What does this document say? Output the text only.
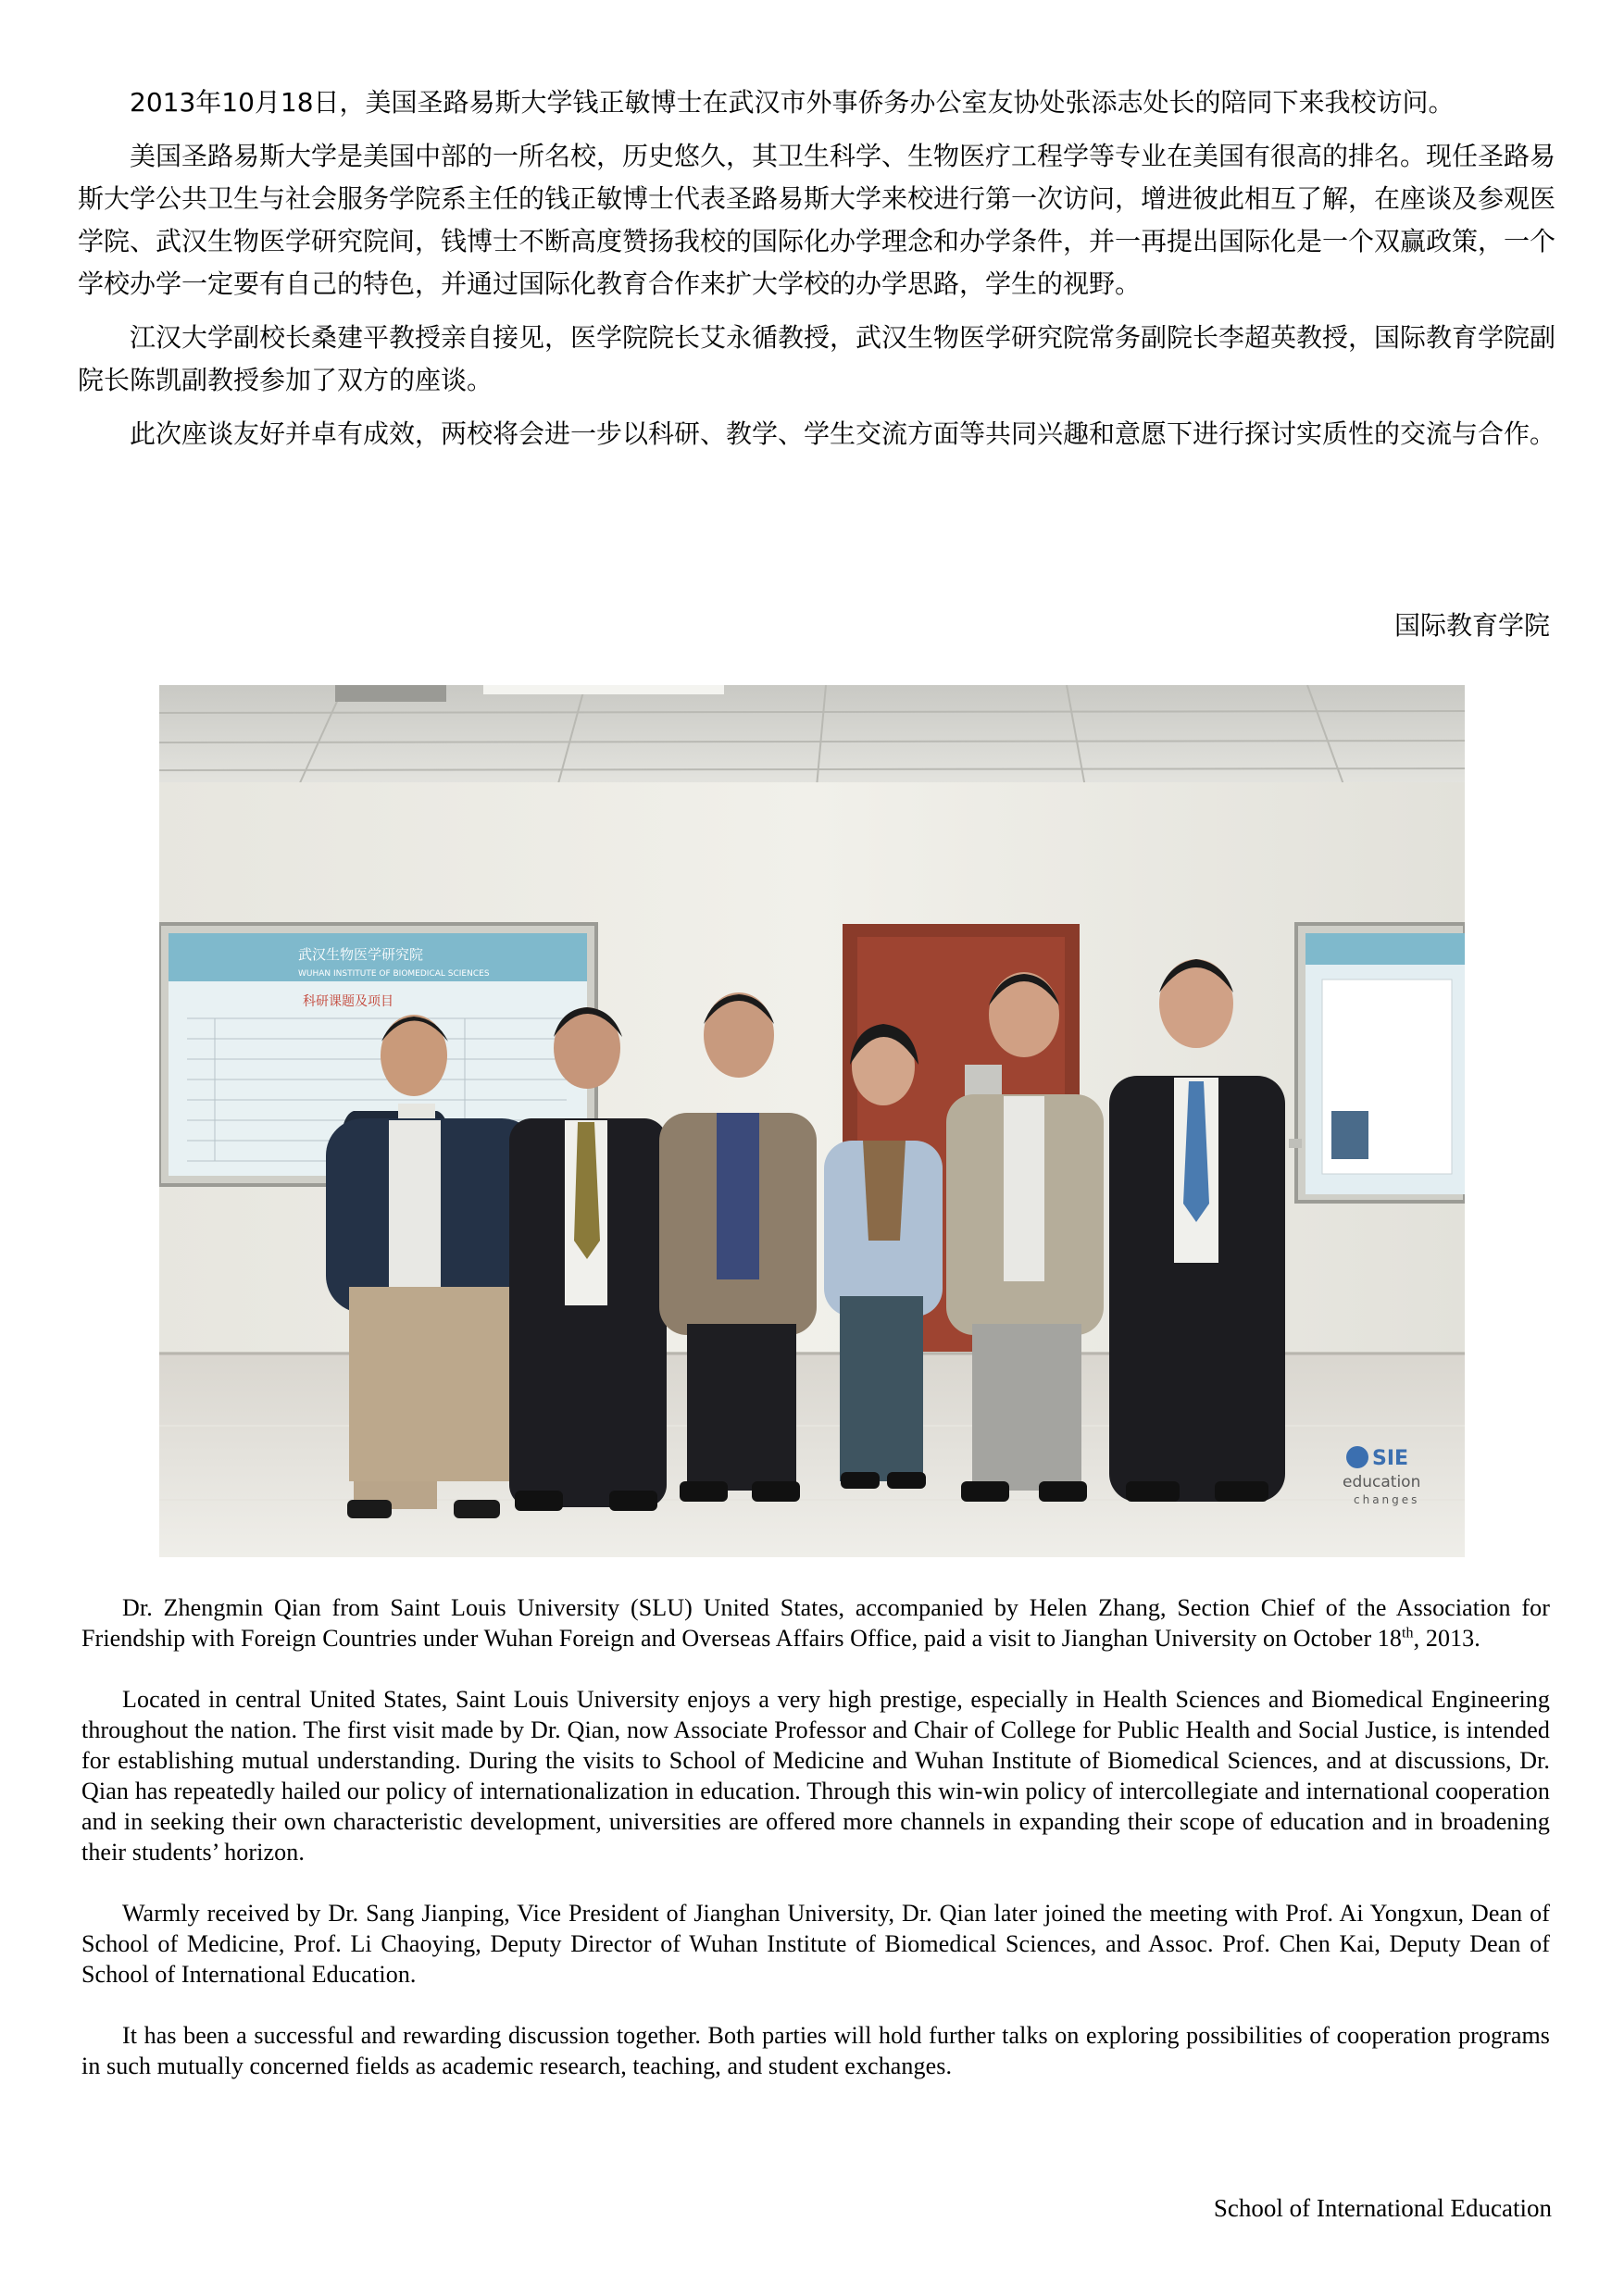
2013年10月18日，美国圣路易斯大学钱正敏博士在武汉市外事侨务办公室友协处张添志处长的陪同下来我校访问。

美国圣路易斯大学是美国中部的一所名校，历史悠久，其卫生科学、生物医疗工程学等专业在美国有很高的排名。现任圣路易斯大学公共卫生与社会服务学院系主任的钱正敏博士代表圣路易斯大学来校进行第一次访问，增进彼此相互了解，在座谈及参观医学院、武汉生物医学研究院间，钱博士不断高度赞扬我校的国际化办学理念和办学条件，并一再提出国际化是一个双赢政策，一个学校办学一定要有自己的特色，并通过国际化教育合作来扩大学校的办学思路，学生的视野。

江汉大学副校长桑建平教授亲自接见，医学院院长艾永循教授，武汉生物医学研究院常务副院长李超英教授，国际教育学院副院长陈凯副教授参加了双方的座谈。

此次座谈友好并卓有成效，两校将会进一步以科研、教学、学生交流方面等共同兴趣和意愿下进行探讨实质性的交流与合作。

国际教育学院
武汉生物医学研究院
WUHAN INSTITUTE OF BIOMEDICAL SCIENCES
科研课题及项目
SIE
education
changes

Dr. Zhengmin Qian from Saint Louis University (SLU) United States, accompanied by Helen Zhang, Section Chief of the Association for Friendship with Foreign Countries under Wuhan Foreign and Overseas Affairs Office, paid a visit to Jianghan University on October 18th, 2013.

Located in central United States, Saint Louis University enjoys a very high prestige, especially in Health Sciences and Biomedical Engineering throughout the nation. The first visit made by Dr. Qian, now Associate Professor and Chair of College for Public Health and Social Justice, is intended for establishing mutual understanding. During the visits to School of Medicine and Wuhan Institute of Biomedical Sciences, and at discussions, Dr. Qian has repeatedly hailed our policy of internationalization in education. Through this win-win policy of intercollegiate and international cooperation and in seeking their own characteristic development, universities are offered more channels in expanding their scope of education and in broadening their students’ horizon.

Warmly received by Dr. Sang Jianping, Vice President of Jianghan University, Dr. Qian later joined the meeting with Prof. Ai Yongxun, Dean of School of Medicine, Prof. Li Chaoying, Deputy Director of Wuhan Institute of Biomedical Sciences, and Assoc. Prof. Chen Kai, Deputy Dean of School of International Education.

It has been a successful and rewarding discussion together. Both parties will hold further talks on exploring possibilities of cooperation programs in such mutually concerned fields as academic research, teaching, and student exchanges.

School of International Education
